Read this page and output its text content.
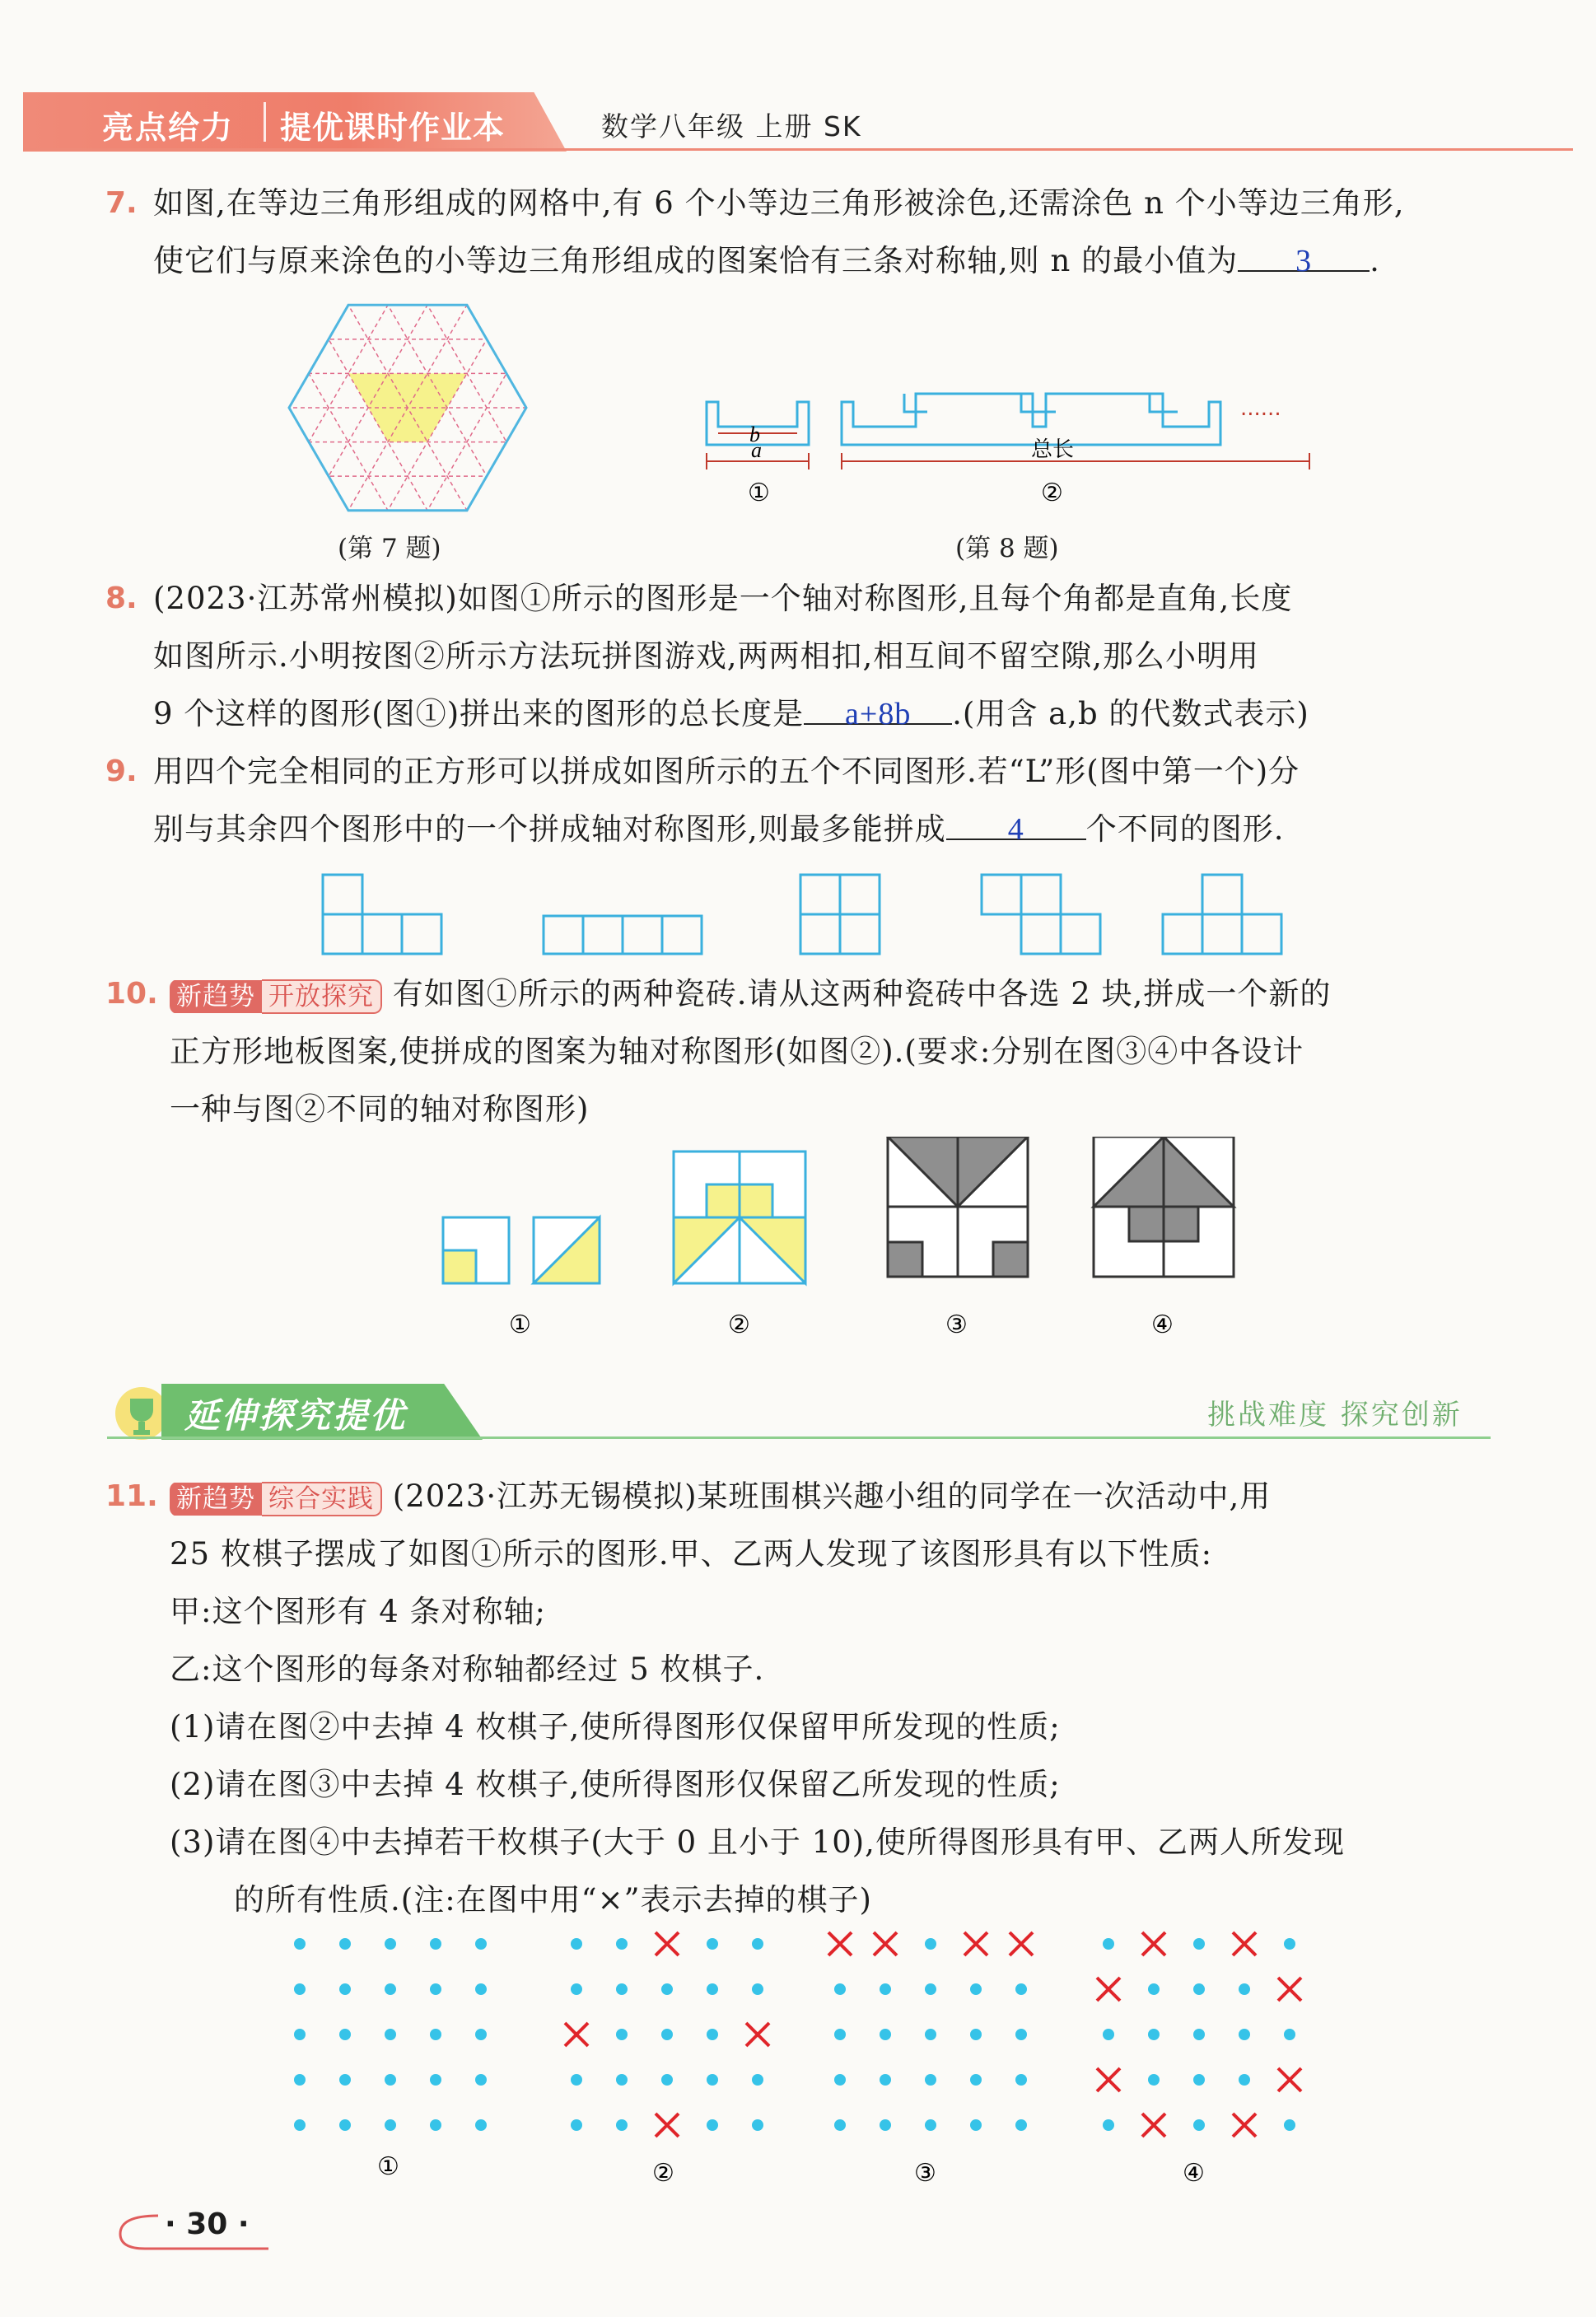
亮点给力 提优课时作业本	数学八年级 上册 SK
7. 如图,在等边三角形组成的网格中,有 6 个小等边三角形被涂色,还需涂色 n 个小等边三角形,
使它们与原来涂色的小等边三角形组成的图案恰有三条对称轴,则 n 的最小值为 3 .
(第 7 题)
b
a	总长
......
①	②
(第 8 题)
8. (2023·江苏常州模拟)如图①所示的图形是一个轴对称图形,且每个角都是直角,长度
如图所示.小明按图②所示方法玩拼图游戏,两两相扣,相互间不留空隙,那么小明用
9 个这样的图形(图①)拼出来的图形的总长度是 a+8b .(用含 a,b 的代数式表示)
9. 用四个完全相同的正方形可以拼成如图所示的五个不同图形.若“L”形(图中第一个)分
别与其余四个图形中的一个拼成轴对称图形,则最多能拼成 4 个不同的图形.
10. 新趋势 开放探究 有如图①所示的两种瓷砖.请从这两种瓷砖中各选 2 块,拼成一个新的
正方形地板图案,使拼成的图案为轴对称图形(如图②).(要求:分别在图③④中各设计
一种与图②不同的轴对称图形)
①	②	③	④
延伸探究提优	挑战难度 探究创新
11. 新趋势 综合实践 (2023·江苏无锡模拟)某班围棋兴趣小组的同学在一次活动中,用
25 枚棋子摆成了如图①所示的图形.甲、乙两人发现了该图形具有以下性质:
甲:这个图形有 4 条对称轴;
乙:这个图形的每条对称轴都经过 5 枚棋子.
(1)请在图②中去掉 4 枚棋子,使所得图形仅保留甲所发现的性质;
(2)请在图③中去掉 4 枚棋子,使所得图形仅保留乙所发现的性质;
(3)请在图④中去掉若干枚棋子(大于 0 且小于 10),使所得图形具有甲、乙两人所发现
的所有性质.(注:在图中用“×”表示去掉的棋子)
①	②	③	④
· 30 ·
